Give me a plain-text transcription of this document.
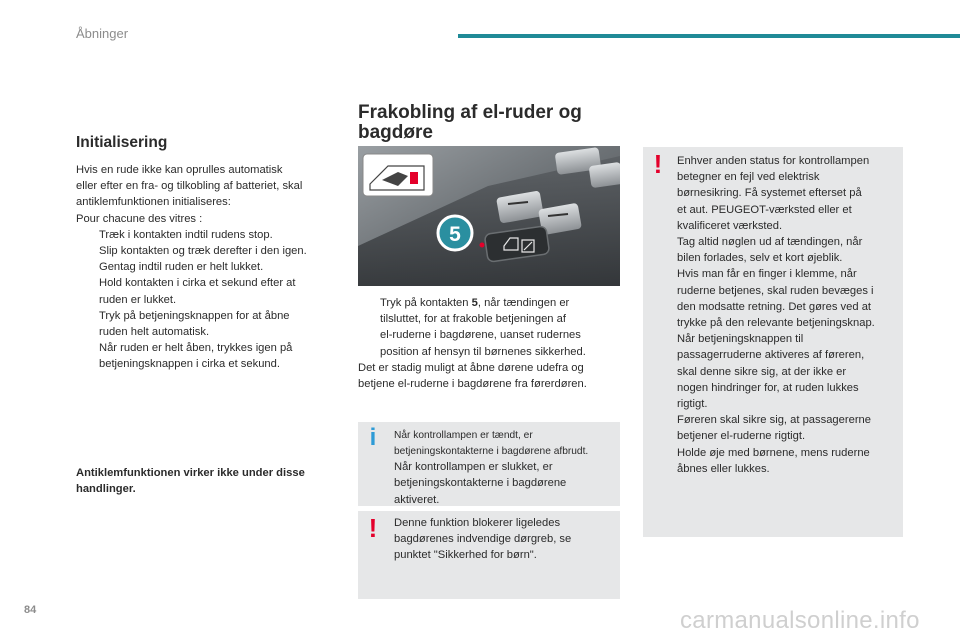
Åbninger
Initialisering
Hvis en rude ikke kan oprulles automatisk
eller efter en fra- og tilkobling af batteriet, skal
antiklemfunktionen initialiseres:
Pour chacune des vitres :
Træk i kontakten indtil rudens stop.
Slip kontakten og træk derefter i den igen.
Gentag indtil ruden er helt lukket.
Hold kontakten i cirka et sekund efter at
ruden er lukket.
Tryk på betjeningsknappen for at åbne
ruden helt automatisk.
Når ruden er helt åben, trykkes igen på
betjeningsknappen i cirka et sekund.
Antiklemfunktionen virker ikke under disse
handlinger.
Frakobling af el-ruder og
bagdøre
5
Tryk på kontakten 5, når tændingen er
tilsluttet, for at frakoble betjeningen af
el-ruderne i bagdørene, uanset rudernes
position af hensyn til børnenes sikkerhed.
Det er stadig muligt at åbne dørene udefra og
betjene el-ruderne i bagdørene fra førerdøren.
i	Når kontrollampen er tændt, er
betjeningskontakterne i bagdørene afbrudt.
Når kontrollampen er slukket, er
betjeningskontakterne i bagdørene
aktiveret.
! Denne funktion blokerer ligeledes
bagdørenes indvendige dørgreb, se
punktet "Sikkerhed for børn".
! Enhver anden status for kontrollampen
betegner en fejl ved elektrisk
børnesikring. Få systemet efterset på
et aut. PEUGEOT-værksted eller et
kvalificeret værksted.
Tag altid nøglen ud af tændingen, når
bilen forlades, selv et kort øjeblik.
Hvis man får en finger i klemme, når
ruderne betjenes, skal ruden bevæges i
den modsatte retning. Det gøres ved at
trykke på den relevante betjeningsknap.
Når betjeningsknappen til
passagerruderne aktiveres af føreren,
skal denne sikre sig, at der ikke er
nogen hindringer for, at ruden lukkes
rigtigt.
Føreren skal sikre sig, at passagererne
betjener el-ruderne rigtigt.
Holde øje med børnene, mens ruderne
åbnes eller lukkes.
84	carmanualsonline.info
